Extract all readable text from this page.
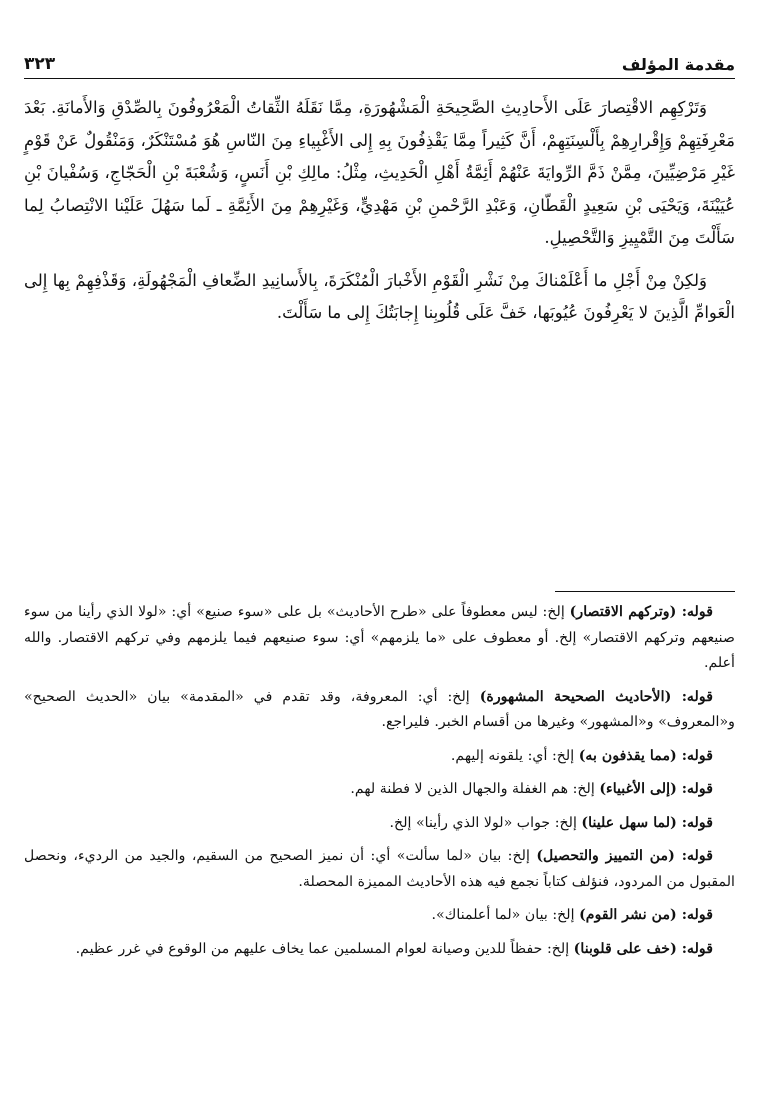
٣٢٣	مقدمة المؤلف

وَتَرْكِهِم الاقْتِصارَ عَلَى الأَحادِيثِ الصَّحِيحَةِ الْمَشْهُورَةِ، مِمَّا نَقَلَهُ الثِّقاتُ الْمَعْرُوفُونَ بِالصِّدْقِ وَالأَمانَةِ. بَعْدَ مَعْرِفَتِهِمْ وَإِقْرارِهِمْ بِأَلْسِنَتِهِمْ، أَنَّ كَثِيراً مِمَّا يَقْذِفُونَ بِهِ إِلى الأَغْبِياءِ مِنَ النّاسِ هُوَ مُسْتَنْكَرٌ، وَمَنْقُولٌ عَنْ قَوْمٍ غَيْرِ مَرْضِيِّينَ، مِمَّنْ ذَمَّ الرِّوايَةَ عَنْهُمْ أَئِمَّةُ أَهْلِ الْحَدِيثِ، مِثْلُ: مالِكِ بْنِ أَنَسٍ، وَشُعْبَةَ بْنِ الْحَجّاجِ، وَسُفْيانَ بْنِ عُيَيْنَةَ، وَيَحْيَى بْنِ سَعِيدٍ الْقَطّانِ، وَعَبْدِ الرَّحْمنِ بْنِ مَهْدِيٍّ، وَغَيْرِهِمْ مِنَ الأَئِمَّةِ ـ لَما سَهُلَ عَلَيْنا الانْتِصابُ لِما سَأَلْتَ مِنَ التَّمْيِيزِ وَالتَّحْصِيلِ.

وَلكِنْ مِنْ أَجْلِ ما أَعْلَمْناكَ مِنْ نَشْرِ الْقَوْمِ الأَخْبارَ الْمُنْكَرَةَ، بِالأَسانِيدِ الضِّعافِ الْمَجْهُولَةِ، وَقَذْفِهِمْ بِها إِلى الْعَوامِّ الَّذِينَ لا يَعْرِفُونَ عُيُوبَها، خَفَّ عَلَى قُلُوبِنا إِجابَتُكَ إِلى ما سَأَلْتَ.

قوله: (وتركهم الاقتصار) إلخ: ليس معطوفاً على «طرح الأحاديث» بل على «سوء صنيع» أي: «لولا الذي رأينا من سوء صنيعهم وتركهم الاقتصار» إلخ. أو معطوف على «ما يلزمهم» أي: سوء صنيعهم فيما يلزمهم وفي تركهم الاقتصار. والله أعلم.

قوله: (الأحاديث الصحيحة المشهورة) إلخ: أي: المعروفة، وقد تقدم في «المقدمة» بيان «الحديث الصحيح» و«المعروف» و«المشهور» وغيرها من أقسام الخبر. فليراجع.

قوله: (مما يقذفون به) إلخ: أي: يلقونه إليهم.

قوله: (إلى الأغبياء) إلخ: هم الغفلة والجهال الذين لا فطنة لهم.

قوله: (لما سهل علينا) إلخ: جواب «لولا الذي رأينا» إلخ.

قوله: (من التمييز والتحصيل) إلخ: بيان «لما سألت» أي: أن نميز الصحيح من السقيم، والجيد من الرديء، ونحصل المقبول من المردود، فنؤلف كتاباً نجمع فيه هذه الأحاديث المميزة المحصلة.

قوله: (من نشر القوم) إلخ: بيان «لما أعلمناك».

قوله: (خف على قلوبنا) إلخ: حفظاً للدين وصيانة لعوام المسلمين عما يخاف عليهم من الوقوع في غرر عظيم.
